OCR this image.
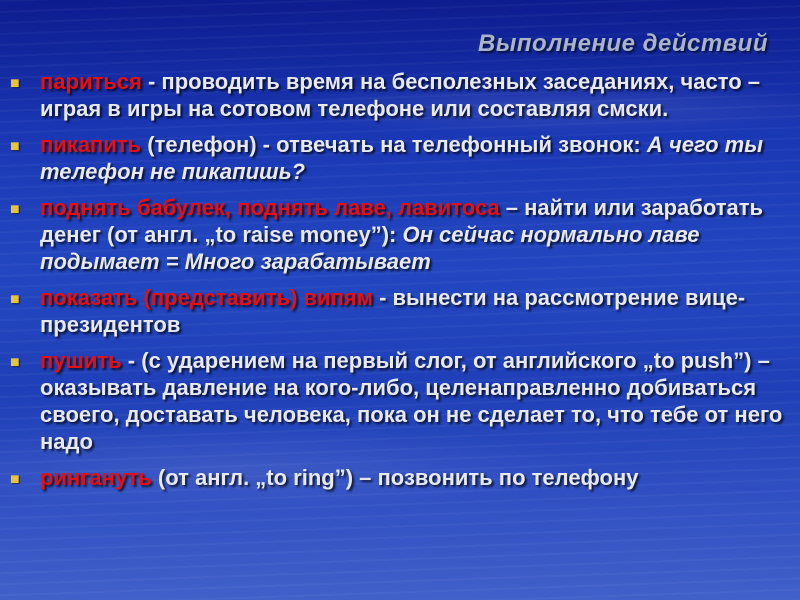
Выполнение действий
■ париться - проводить время на бесполезных заседаниях, часто – играя в игры на сотовом телефоне или составляя смски.
■ пикапить (телефон) - отвечать на телефонный звонок: А чего ты телефон не пикапишь?
■ поднять бабулек, поднять лаве, лавитоса – найти или заработать денег (от англ. „to raise money”): Он сейчас нормально лаве подымает = Много зарабатывает
■ показать (представить) випям - вынести на рассмотрение вице-президентов
■ пушить - (с ударением на первый слог, от английского „to push”) – оказывать давление на кого-либо, целенаправленно добиваться своего, доставать человека, пока он не сделает то, что тебе от него надо
■ рингануть (от англ. „to ring”) – позвонить по телефону
